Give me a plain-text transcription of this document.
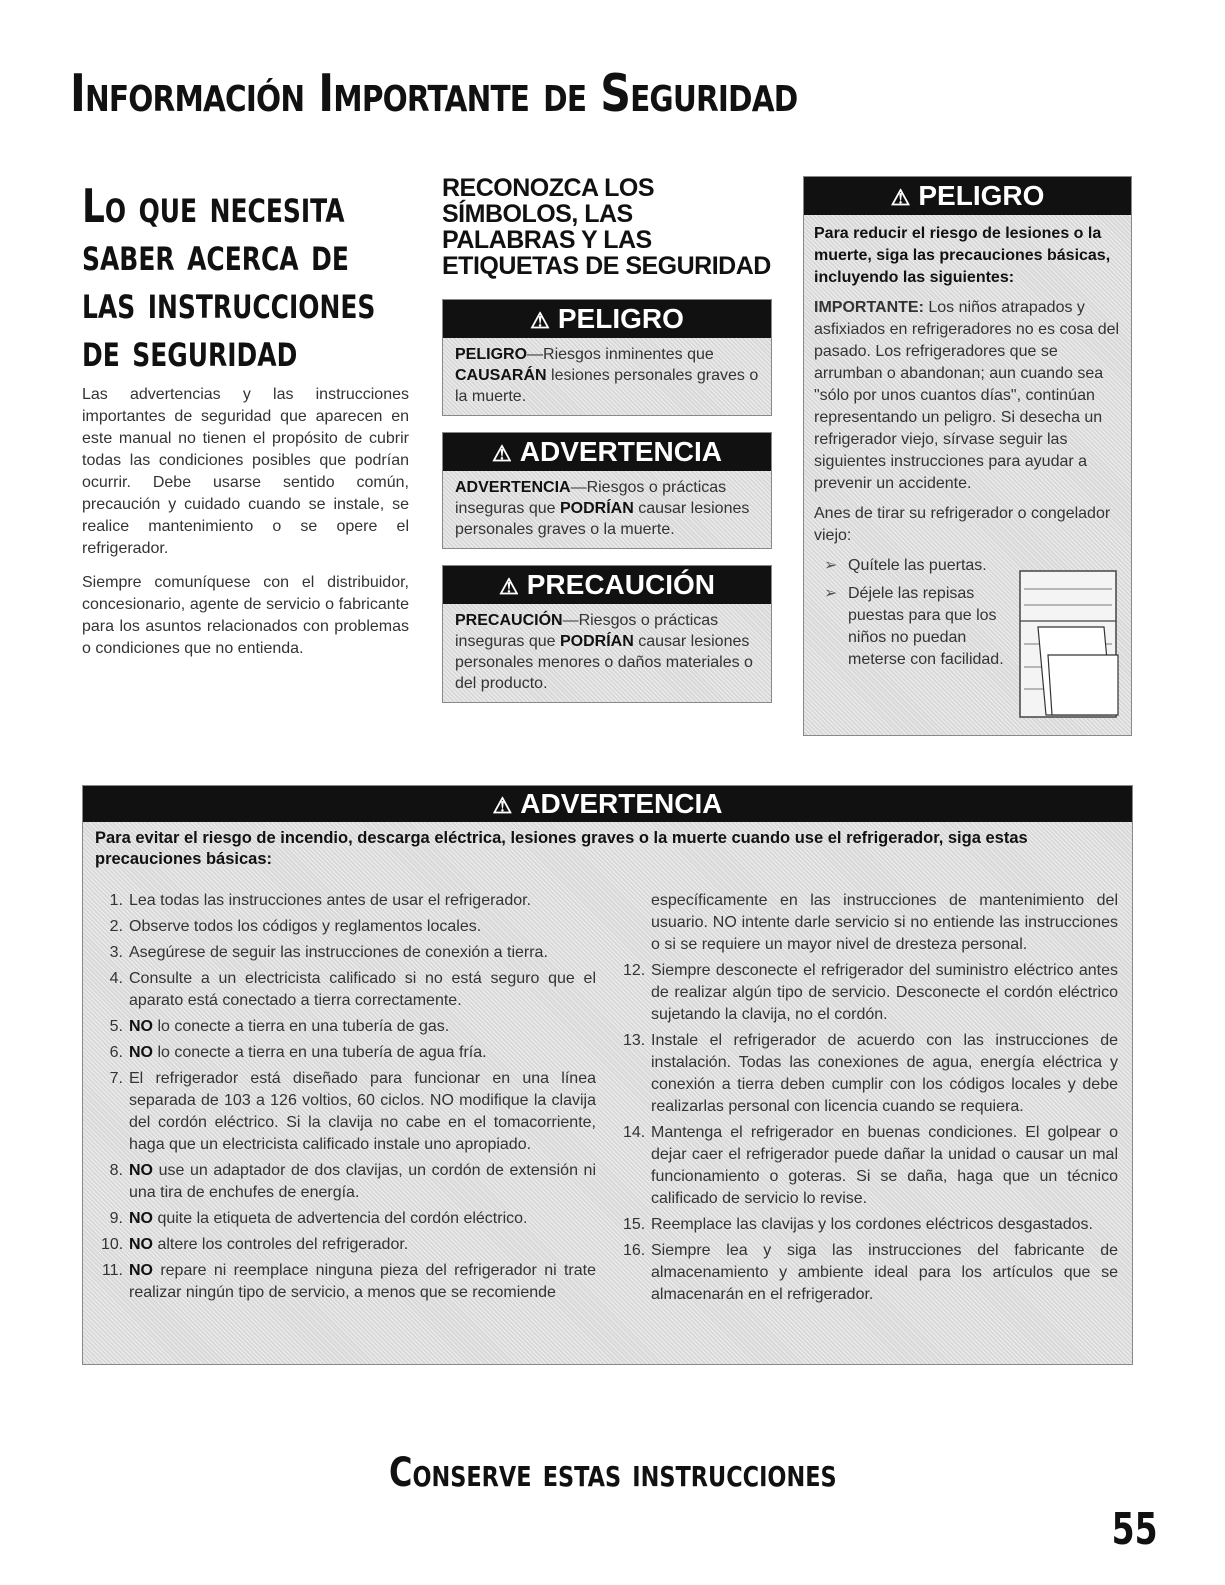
Información Importante de Seguridad
Lo que necesita saber acerca de las instrucciones de seguridad

Las advertencias y las instrucciones importantes de seguridad que aparecen en este manual no tienen el propósito de cubrir todas las condiciones posibles que podrían ocurrir. Debe usarse sentido común, precaución y cuidado cuando se instale, se realice mantenimiento o se opere el refrigerador.

Siempre comuníquese con el distribuidor, concesionario, agente de servicio o fabricante para los asuntos relacionados con problemas o condiciones que no entienda.

RECONOZCA LOS SÍMBOLOS, LAS PALABRAS Y LAS ETIQUETAS DE SEGURIDAD
⚠ PELIGRO
PELIGRO—Riesgos inminentes que CAUSARÁN lesiones personales graves o la muerte.
⚠ ADVERTENCIA
ADVERTENCIA—Riesgos o prácticas inseguras que PODRÍAN causar lesiones personales graves o la muerte.
⚠ PRECAUCIÓN
PRECAUCIÓN—Riesgos o prácticas inseguras que PODRÍAN causar lesiones personales menores o daños materiales o del producto.
⚠ PELIGRO

Para reducir el riesgo de lesiones o la muerte, siga las precauciones básicas, incluyendo las siguientes:

IMPORTANTE: Los niños atrapados y asfixiados en refrigeradores no es cosa del pasado. Los refrigeradores que se arrumban o abandonan; aun cuando sea "sólo por unos cuantos días", continúan representando un peligro. Si desecha un refrigerador viejo, sírvase seguir las siguientes instrucciones para ayudar a prevenir un accidente.

Anes de tirar su refrigerador o congelador viejo:

➢ Quítele las puertas.
➢ Déjele las repisas puestas para que los niños no puedan meterse con facilidad.
⚠ ADVERTENCIA
Para evitar el riesgo de incendio, descarga eléctrica, lesiones graves o la muerte cuando use el refrigerador, siga estas precauciones básicas:
1. Lea todas las instrucciones antes de usar el refrigerador.
2. Observe todos los códigos y reglamentos locales.
3. Asegúrese de seguir las instrucciones de conexión a tierra.
4. Consulte a un electricista calificado si no está seguro que el aparato está conectado a tierra correctamente.
5. NO lo conecte a tierra en una tubería de gas.
6. NO lo conecte a tierra en una tubería de agua fría.
7. El refrigerador está diseñado para funcionar en una línea separada de 103 a 126 voltios, 60 ciclos. NO modifique la clavija del cordón eléctrico. Si la clavija no cabe en el tomacorriente, haga que un electricista calificado instale uno apropiado.
8. NO use un adaptador de dos clavijas, un cordón de extensión ni una tira de enchufes de energía.
9. NO quite la etiqueta de advertencia del cordón eléctrico.
10. NO altere los controles del refrigerador.
11. NO repare ni reemplace ninguna pieza del refrigerador ni trate realizar ningún tipo de servicio, a menos que se recomiende
específicamente en las instrucciones de mantenimiento del usuario. NO intente darle servicio si no entiende las instrucciones o si se requiere un mayor nivel de dresteza personal.
12. Siempre desconecte el refrigerador del suministro eléctrico antes de realizar algún tipo de servicio. Desconecte el cordón eléctrico sujetando la clavija, no el cordón.
13. Instale el refrigerador de acuerdo con las instrucciones de instalación. Todas las conexiones de agua, energía eléctrica y conexión a tierra deben cumplir con los códigos locales y debe realizarlas personal con licencia cuando se requiera.
14. Mantenga el refrigerador en buenas condiciones. El golpear o dejar caer el refrigerador puede dañar la unidad o causar un mal funcionamiento o goteras. Si se daña, haga que un técnico calificado de servicio lo revise.
15. Reemplace las clavijas y los cordones eléctricos desgastados.
16. Siempre lea y siga las instrucciones del fabricante de almacenamiento y ambiente ideal para los artículos que se almacenarán en el refrigerador.
Conserve estas instrucciones
55
